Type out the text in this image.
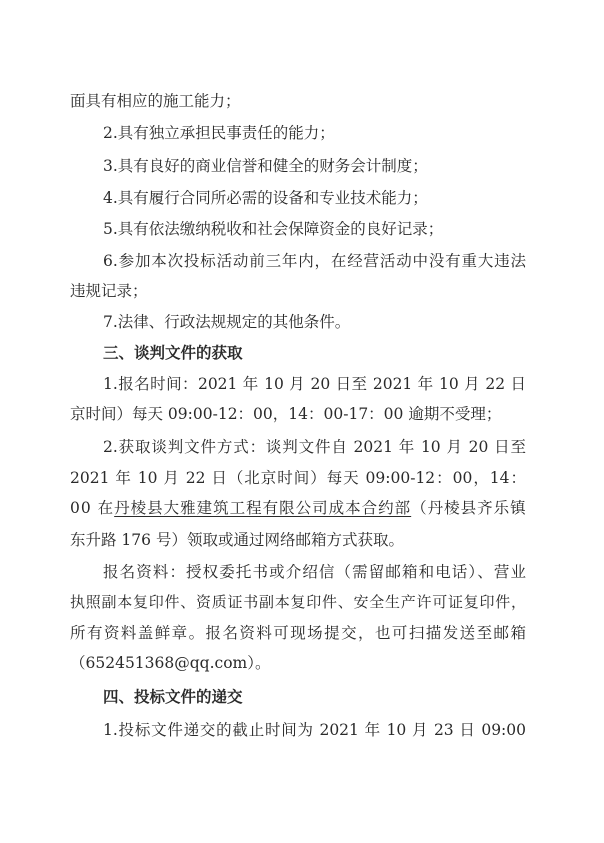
面具有相应的施工能力；
2.具有独立承担民事责任的能力；
3.具有良好的商业信誉和健全的财务会计制度；
4.具有履行合同所必需的设备和专业技术能力；
5.具有依法缴纳税收和社会保障资金的良好记录；
6.参加本次投标活动前三年内，在经营活动中没有重大违法
违规记录；
7.法律、行政法规规定的其他条件。
三、谈判文件的获取
1.报名时间：2021 年 10 月 20 日至 2021 年 10 月 22 日
京时间）每天 09:00-12：00，14：00-17：00 逾期不受理；
2.获取谈判文件方式：谈判文件自 2021 年 10 月 20 日至
2021 年 10 月 22 日（北京时间）每天 09:00-12：00，14：
00 在丹棱县大雅建筑工程有限公司成本合约部（丹棱县齐乐镇
东升路 176 号）领取或通过网络邮箱方式获取。
报名资料：授权委托书或介绍信（需留邮箱和电话）、营业
执照副本复印件、资质证书副本复印件、安全生产许可证复印件，
所有资料盖鲜章。报名资料可现场提交，也可扫描发送至邮箱
（652451368@qq.com）。
四、投标文件的递交
1.投标文件递交的截止时间为 2021 年 10 月 23 日 09:00
